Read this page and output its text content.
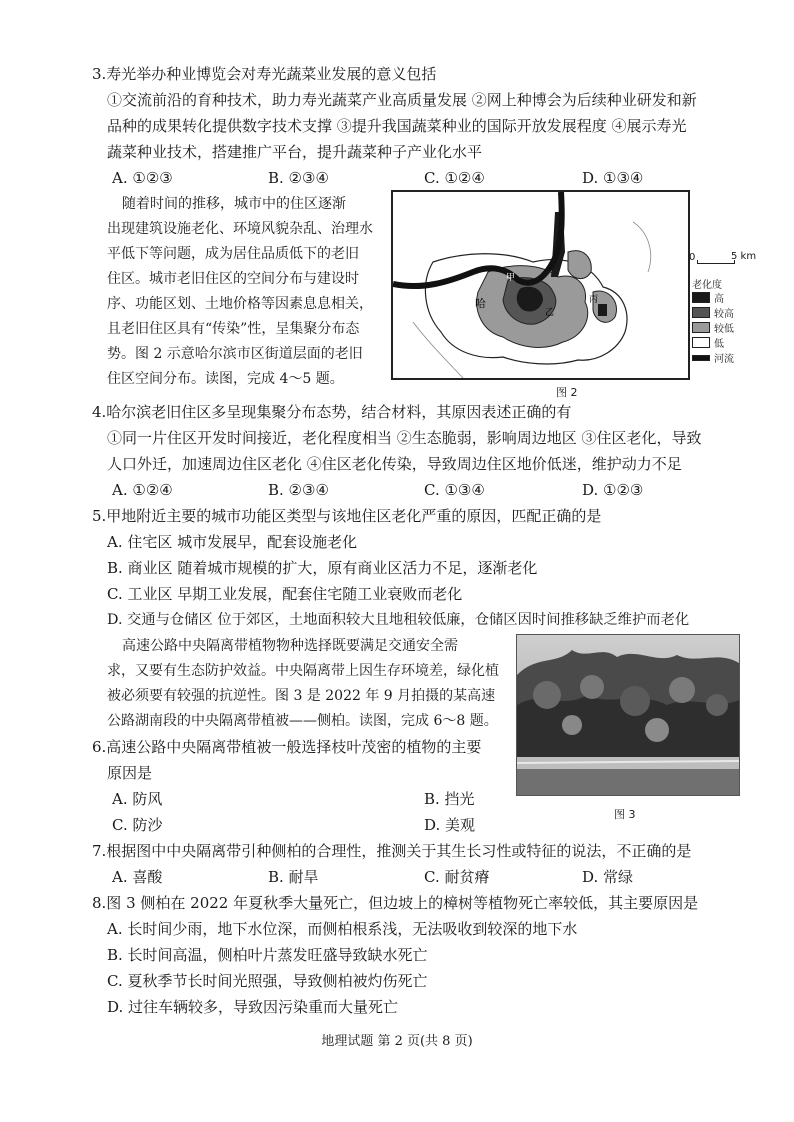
3.寿光举办种业博览会对寿光蔬菜业发展的意义包括
①交流前沿的育种技术，助力寿光蔬菜产业高质量发展 ②网上种博会为后续种业研发和新
品种的成果转化提供数字技术支撑 ③提升我国蔬菜种业的国际开放发展程度 ④展示寿光
蔬菜种业技术，搭建推广平台，提升蔬菜种子产业化水平
A. ①②③	B. ②③④	C. ①②④	D. ①③④
随着时间的推移，城市中的住区逐渐
出现建筑设施老化、环境风貌杂乱、治理水
平低下等问题，成为居住品质低下的老旧
住区。城市老旧住区的空间分布与建设时
序、功能区划、土地价格等因素息息相关，
且老旧住区具有“传染”性，呈集聚分布态
势。图 2 示意哈尔滨市区街道层面的老旧
住区空间分布。读图，完成 4～5 题。
哈
甲
乙
丙
0	5 km
老化度
高
较高
较低
低
河流
图 2
4.哈尔滨老旧住区多呈现集聚分布态势，结合材料，其原因表述正确的有
①同一片住区开发时间接近，老化程度相当 ②生态脆弱，影响周边地区 ③住区老化，导致
人口外迁，加速周边住区老化 ④住区老化传染，导致周边住区地价低迷，维护动力不足
A. ①②④	B. ②③④	C. ①③④	D. ①②③
5.甲地附近主要的城市功能区类型与该地住区老化严重的原因，匹配正确的是
A. 住宅区 城市发展早，配套设施老化
B. 商业区 随着城市规模的扩大，原有商业区活力不足，逐渐老化
C. 工业区 早期工业发展，配套住宅随工业衰败而老化
D. 交通与仓储区 位于郊区，土地面积较大且地租较低廉，仓储区因时间推移缺乏维护而老化
高速公路中央隔离带植物物种选择既要满足交通安全需
求，又要有生态防护效益。中央隔离带上因生存环境差，绿化植
被必须要有较强的抗逆性。图 3 是 2022 年 9 月拍摄的某高速
公路湖南段的中央隔离带植被——侧柏。读图，完成 6～8 题。
图 3
6.高速公路中央隔离带植被一般选择枝叶茂密的植物的主要
原因是
A. 防风	B. 挡光
C. 防沙	D. 美观
7.根据图中中央隔离带引种侧柏的合理性，推测关于其生长习性或特征的说法，不正确的是
A. 喜酸	B. 耐旱	C. 耐贫瘠	D. 常绿
8.图 3 侧柏在 2022 年夏秋季大量死亡，但边坡上的樟树等植物死亡率较低，其主要原因是
A. 长时间少雨，地下水位深，而侧柏根系浅，无法吸收到较深的地下水
B. 长时间高温，侧柏叶片蒸发旺盛导致缺水死亡
C. 夏秋季节长时间光照强，导致侧柏被灼伤死亡
D. 过往车辆较多，导致因污染重而大量死亡
地理试题 第 2 页(共 8 页)
